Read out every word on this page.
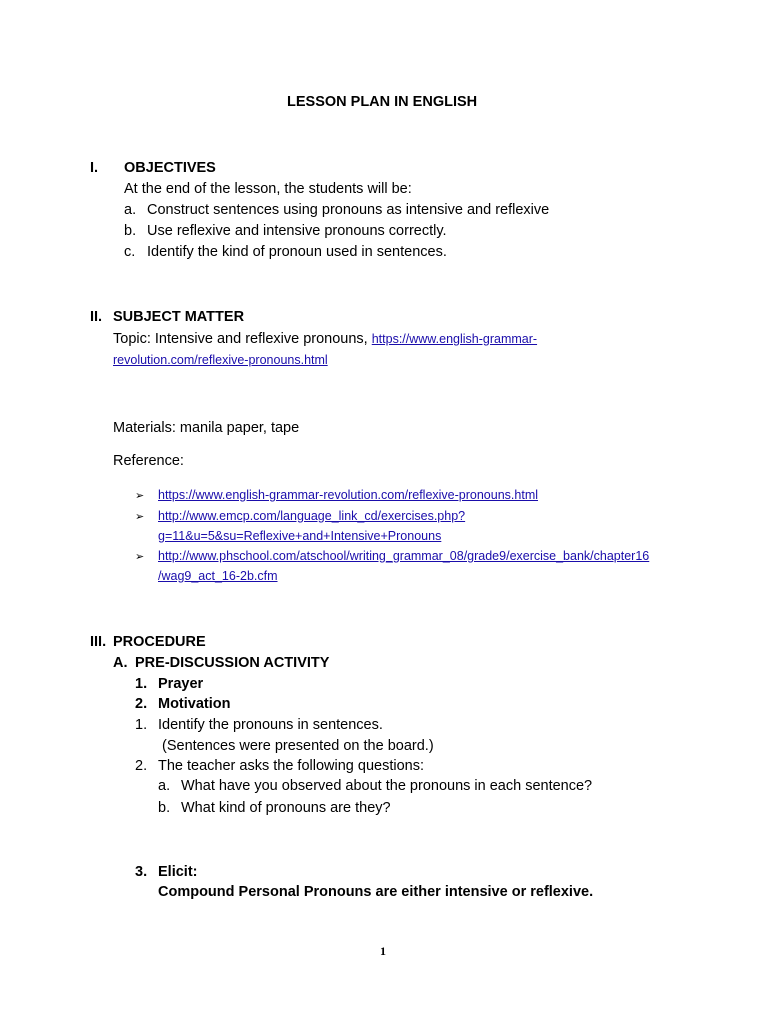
LESSON PLAN IN ENGLISH
I. OBJECTIVES
At the end of the lesson, the students will be:
a. Construct sentences using pronouns as intensive and reflexive
b. Use reflexive and intensive pronouns correctly.
c. Identify the kind of pronoun used in sentences.
II. SUBJECT MATTER
Topic: Intensive and reflexive pronouns, https://www.english-grammar-
revolution.com/reflexive-pronouns.html
Materials: manila paper, tape
Reference:
➢ https://www.english-grammar-revolution.com/reflexive-pronouns.html
➢ http://www.emcp.com/language_link_cd/exercises.php?
g=11&u=5&su=Reflexive+and+Intensive+Pronouns
➢ http://www.phschool.com/atschool/writing_grammar_08/grade9/exercise_bank/chapter16
/wag9_act_16-2b.cfm
III. PROCEDURE
A. PRE-DISCUSSION ACTIVITY
1. Prayer
2. Motivation
1. Identify the pronouns in sentences.
(Sentences were presented on the board.)
2. The teacher asks the following questions:
a. What have you observed about the pronouns in each sentence?
b. What kind of pronouns are they?
3. Elicit:
Compound Personal Pronouns are either intensive or reflexive.
1
